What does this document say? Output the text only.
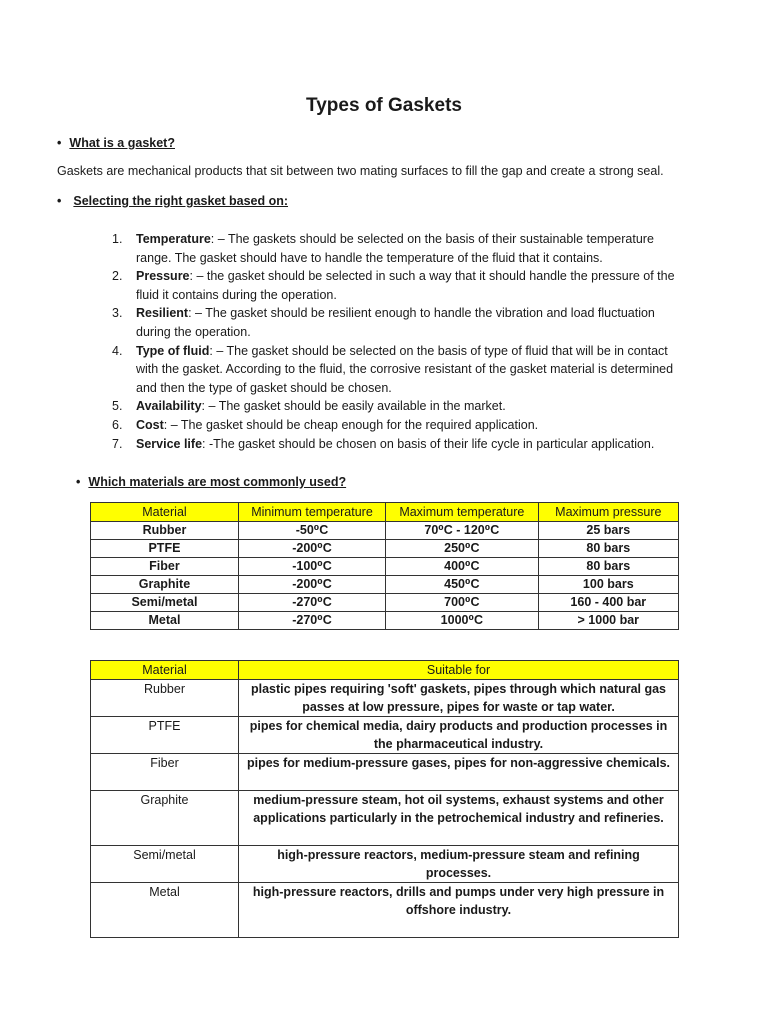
Types of Gaskets
• What is a gasket?
Gaskets are mechanical products that sit between two mating surfaces to fill the gap and create a strong seal.
• Selecting the right gasket based on:
1. Temperature: – The gaskets should be selected on the basis of their sustainable temperature range. The gasket should have to handle the temperature of the fluid that it contains.
2. Pressure: – the gasket should be selected in such a way that it should handle the pressure of the fluid it contains during the operation.
3. Resilient: – The gasket should be resilient enough to handle the vibration and load fluctuation during the operation.
4. Type of fluid: – The gasket should be selected on the basis of type of fluid that will be in contact with the gasket. According to the fluid, the corrosive resistant of the gasket material is determined and then the type of gasket should be chosen.
5. Availability: – The gasket should be easily available in the market.
6. Cost: – The gasket should be cheap enough for the required application.
7. Service life: -The gasket should be chosen on basis of their life cycle in particular application.
• Which materials are most commonly used?
Material	Minimum temperature	Maximum temperature	Maximum pressure
Rubber	-50⁰C	70⁰C - 120⁰C	25 bars
PTFE	-200⁰C	250⁰C	80 bars
Fiber	-100⁰C	400⁰C	80 bars
Graphite	-200⁰C	450⁰C	100 bars
Semi/metal	-270⁰C	700⁰C	160 - 400 bar
Metal	-270⁰C	1000⁰C	> 1000 bar
Material	Suitable for
Rubber	plastic pipes requiring 'soft' gaskets, pipes through which natural gas passes at low pressure, pipes for waste or tap water.
PTFE	pipes for chemical media, dairy products and production processes in the pharmaceutical industry.
Fiber	pipes for medium-pressure gases, pipes for non-aggressive chemicals.
Graphite	medium-pressure steam, hot oil systems, exhaust systems and other applications particularly in the petrochemical industry and refineries.
Semi/metal	high-pressure reactors, medium-pressure steam and refining processes.
Metal	high-pressure reactors, drills and pumps under very high pressure in offshore industry.
